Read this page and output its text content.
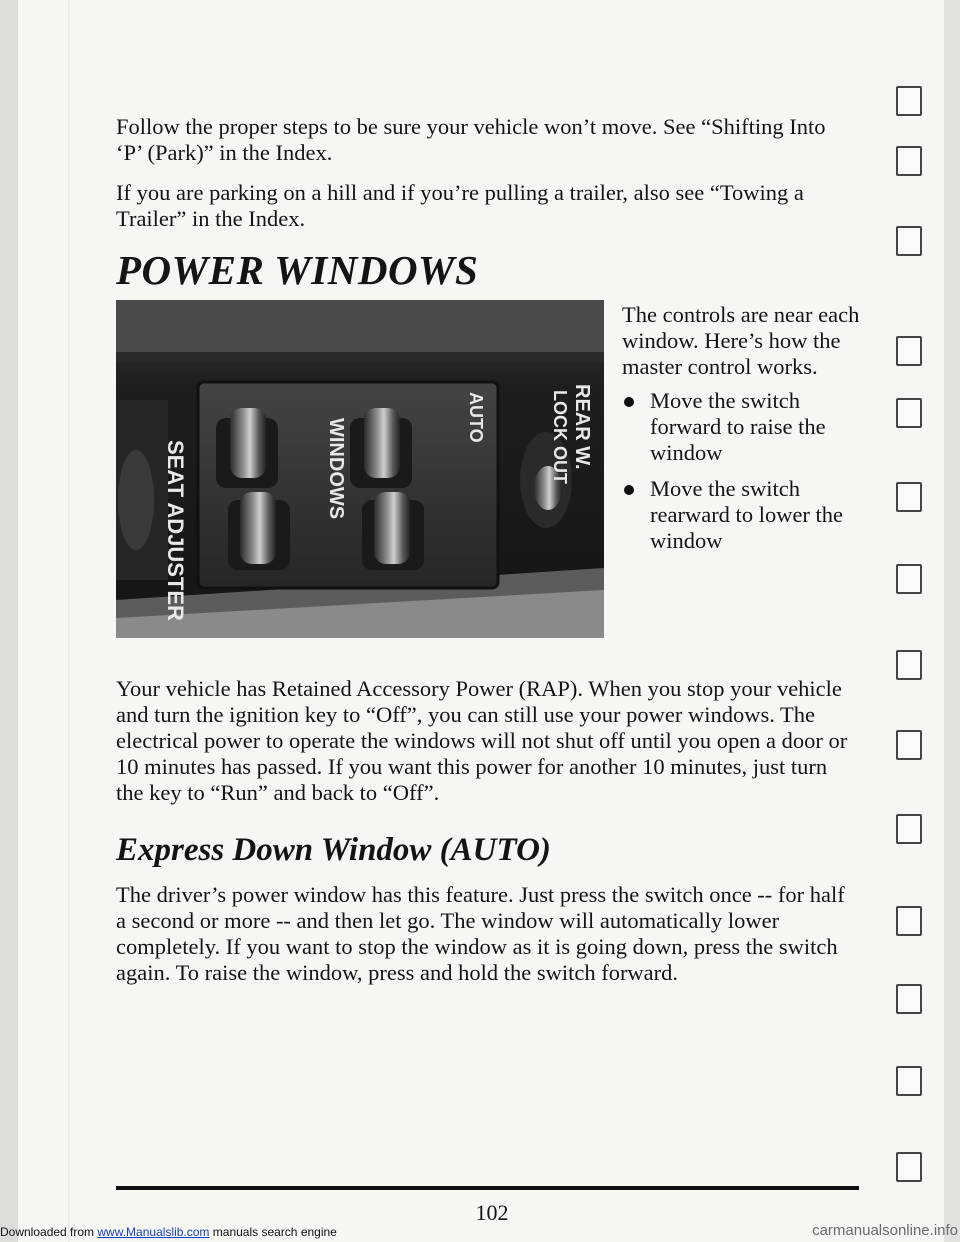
Follow the proper steps to be sure your vehicle won’t move. See “Shifting Into ‘P’ (Park)” in the Index.

If you are parking on a hill and if you’re pulling a trailer, also see “Towing a Trailer” in the Index.

POWER WINDOWS
SEAT ADJUSTER	WINDOWS
AUTO	REAR W.
LOCK OUT

The controls are near each window. Here’s how the master control works.

Move the switch forward to raise the window
Move the switch rearward to lower the window

Your vehicle has Retained Accessory Power (RAP). When you stop your vehicle and turn the ignition key to “Off”, you can still use your power windows. The electrical power to operate the windows will not shut off until you open a door or 10 minutes has passed. If you want this power for another 10 minutes, just turn the key to “Run” and back to “Off”.

Express Down Window (AUTO)

The driver’s power window has this feature. Just press the switch once -- for half a second or more -- and then let go. The window will automatically lower completely. If you want to stop the window as it is going down, press the switch again. To raise the window, press and hold the switch forward.

102
Downloaded from www.Manualslib.com manuals search engine	carmanualsonline.info
